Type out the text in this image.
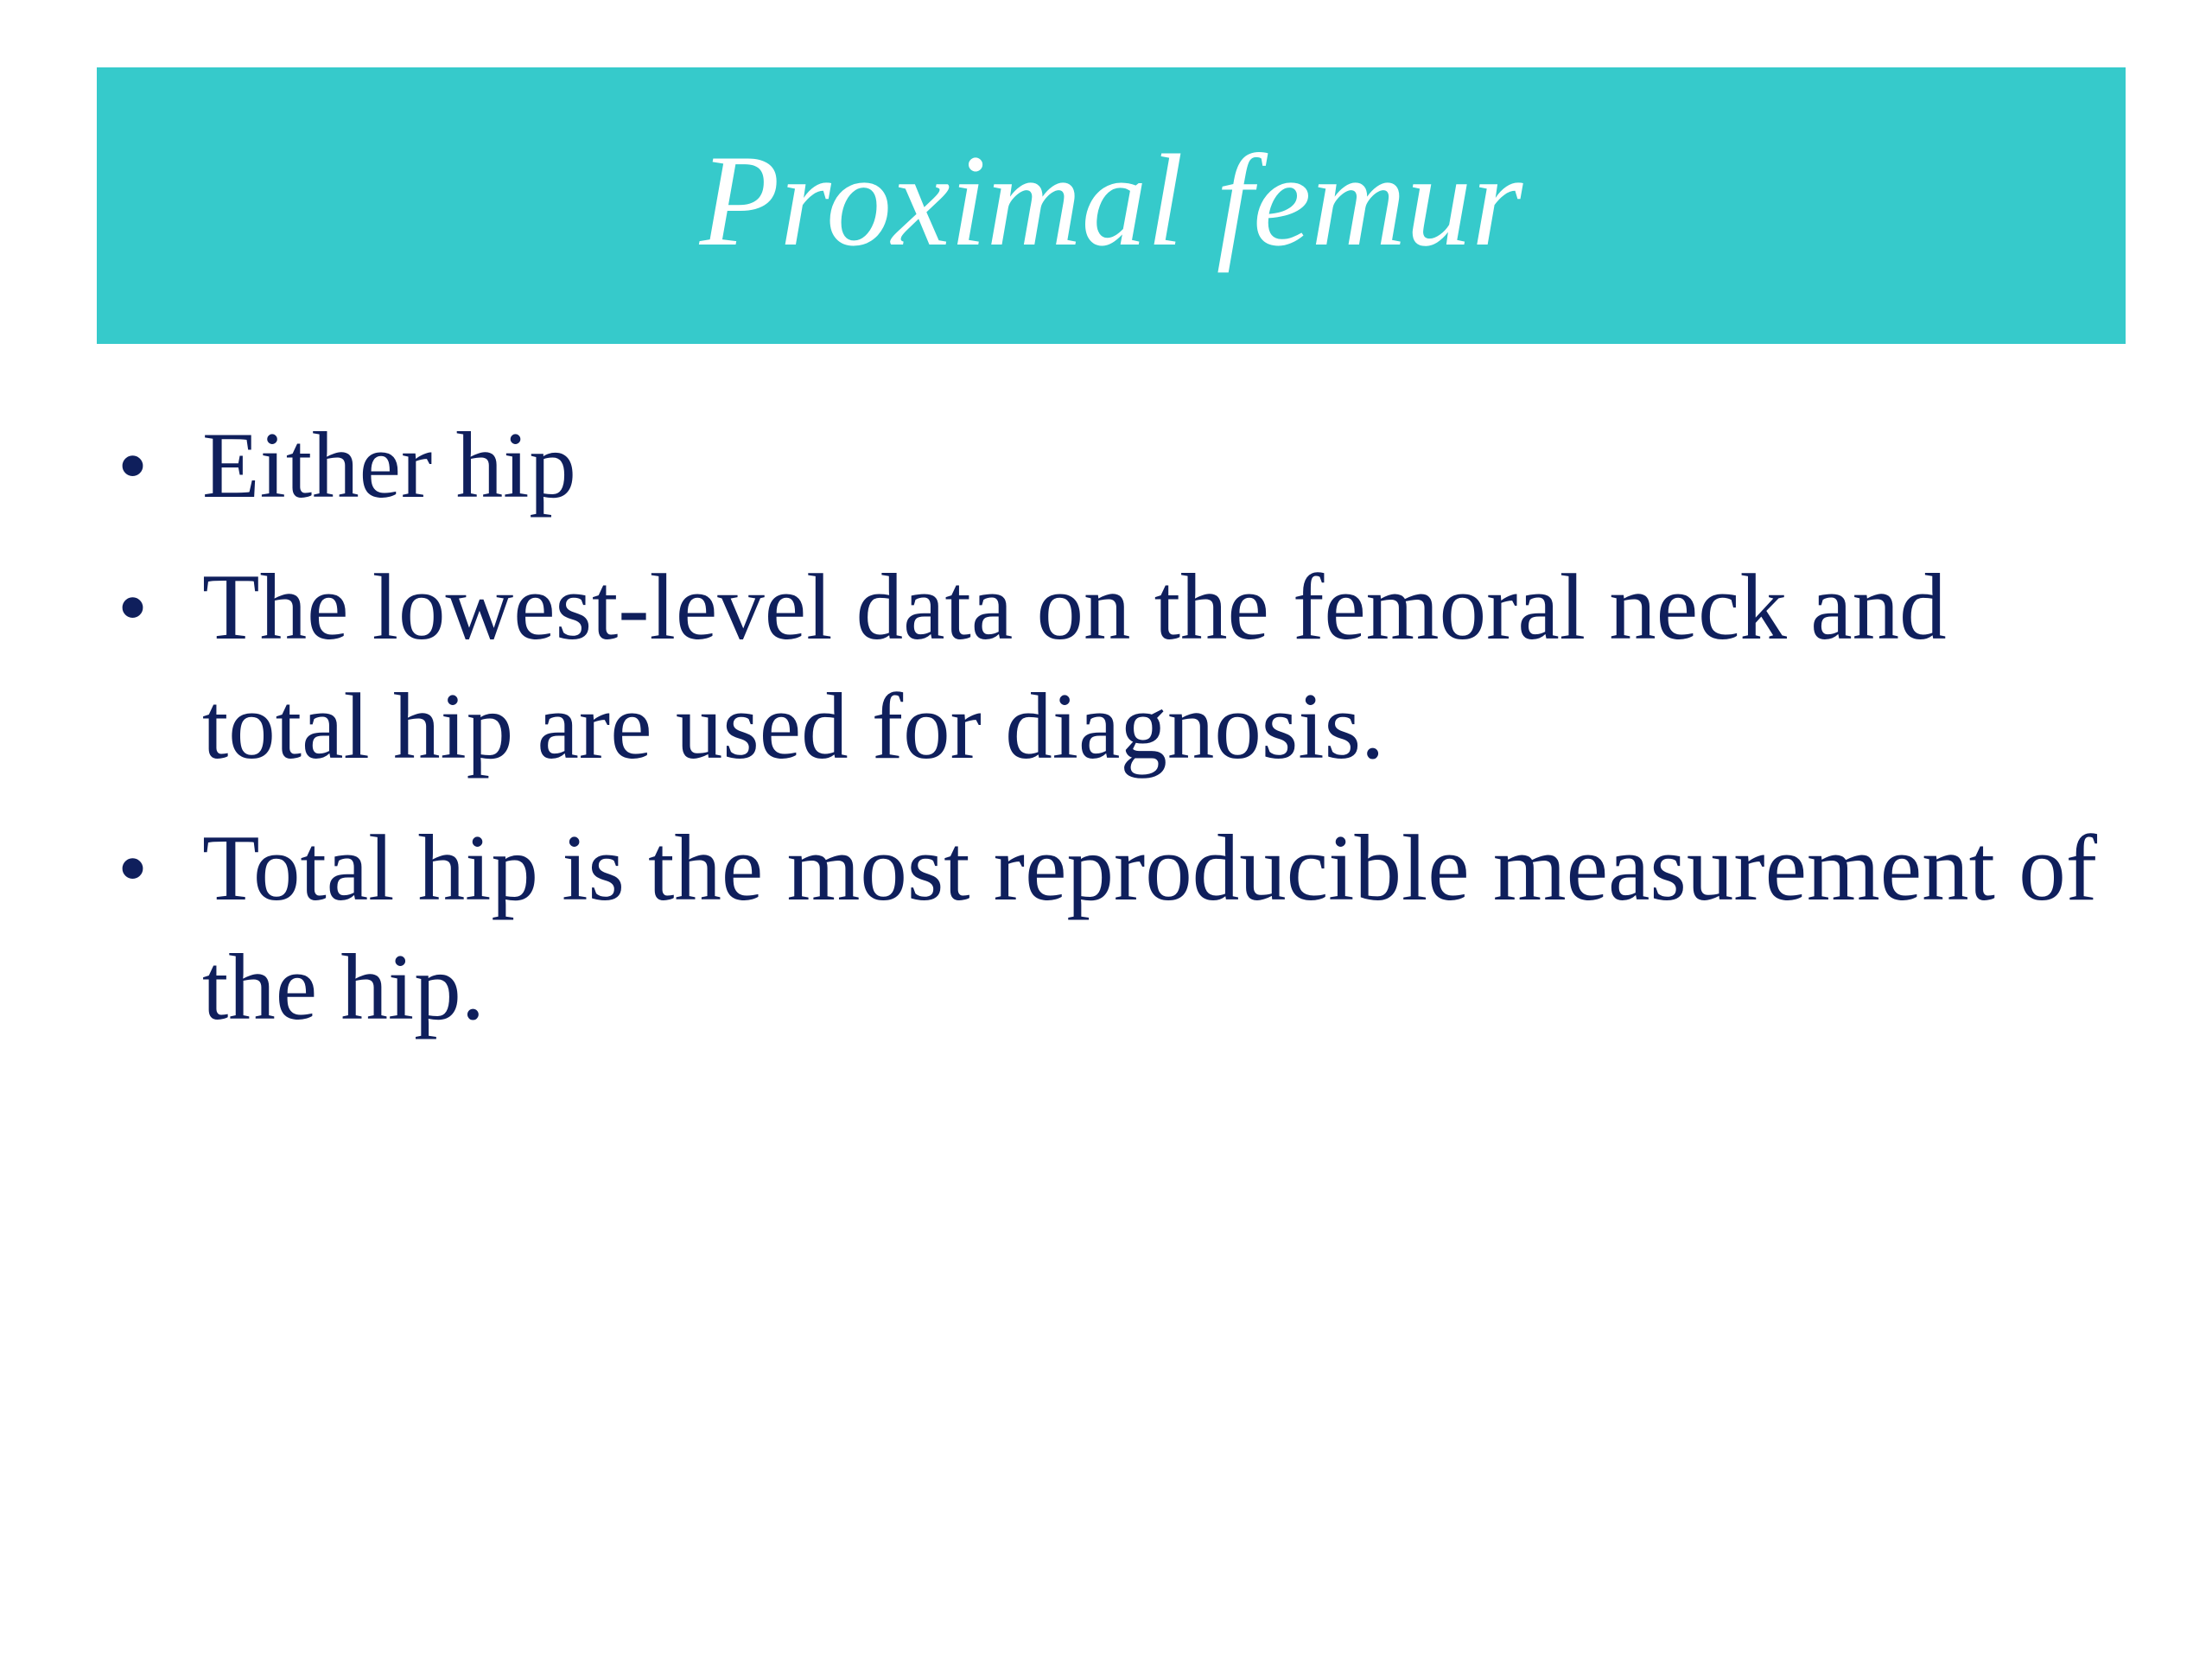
Proximal femur
• Either hip
• The lowest-level data on the femoral neck and total hip are used for diagnosis.
• Total hip is the most reproducible measurement of the hip.
